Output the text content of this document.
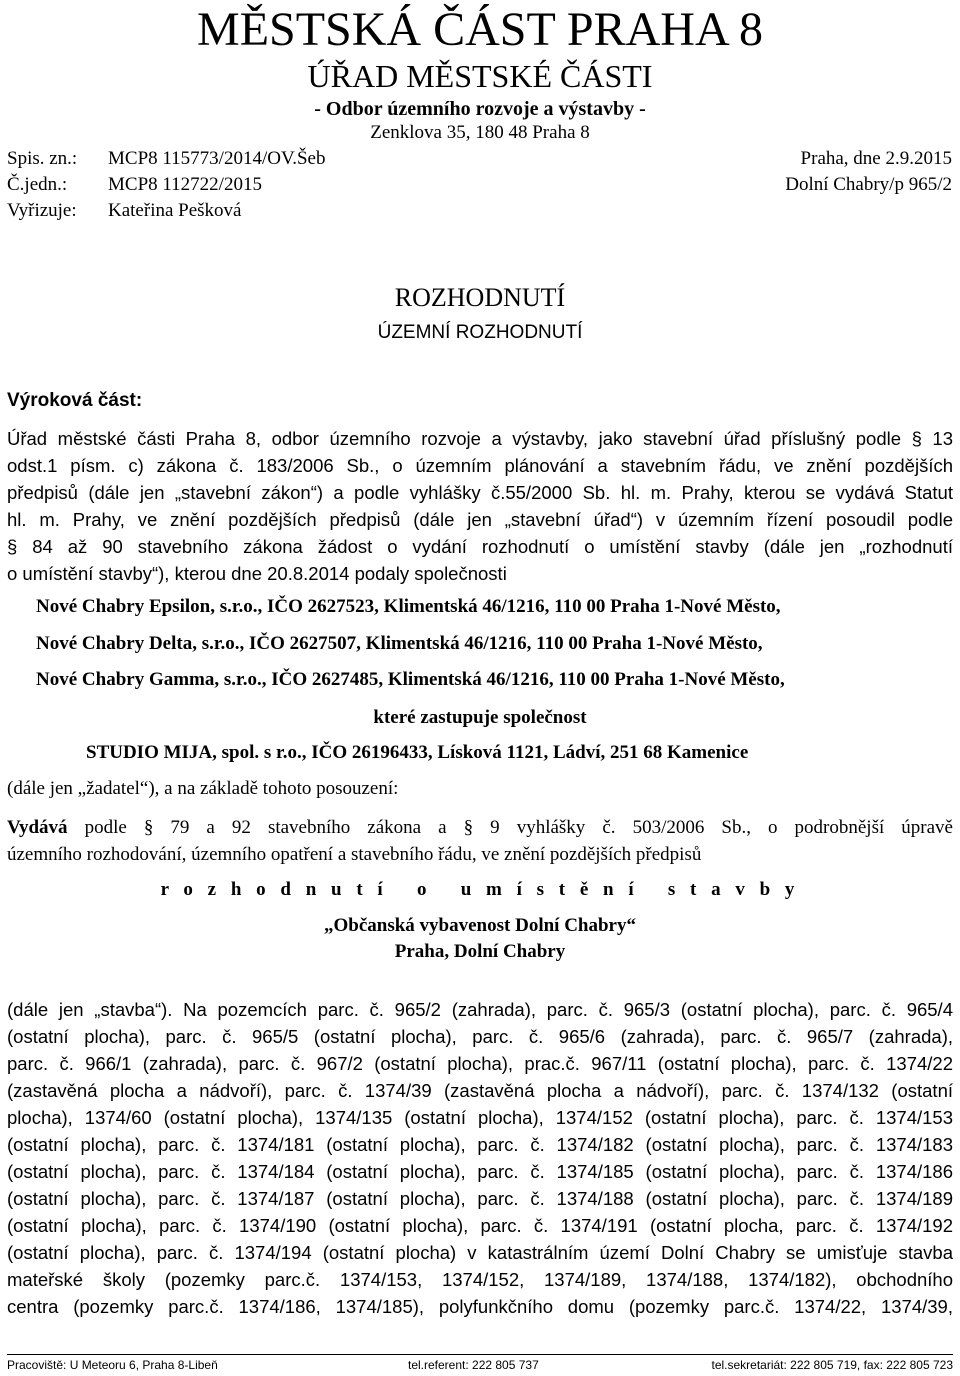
MĚSTSKÁ ČÁST PRAHA 8
ÚŘAD MĚSTSKÉ ČÁSTI
- Odbor územního rozvoje a výstavby -
Zenklova 35, 180 48 Praha 8
Spis. zn.: MCP8 115773/2014/OV.Šeb	Praha, dne 2.9.2015
Č.jedn.: MCP8 112722/2015	Dolní Chabry/p 965/2
Vyřizuje: Kateřina Pešková
ROZHODNUTÍ
ÚZEMNÍ ROZHODNUTÍ
Výroková část:
Úřad městské části Praha 8, odbor územního rozvoje a výstavby, jako stavební úřad příslušný podle § 13
odst.1 písm. c) zákona č. 183/2006 Sb., o územním plánování a stavebním řádu, ve znění pozdějších
předpisů (dále jen „stavební zákon“) a podle vyhlášky č.55/2000 Sb. hl. m. Prahy, kterou se vydává Statut
hl. m. Prahy, ve znění pozdějších předpisů (dále jen „stavební úřad“) v územním řízení posoudil podle
§ 84 až 90 stavebního zákona žádost o vydání rozhodnutí o umístění stavby (dále jen „rozhodnutí
o umístění stavby“), kterou dne 20.8.2014 podaly společnosti
Nové Chabry Epsilon, s.r.o., IČO 2627523, Klimentská 46/1216, 110 00 Praha 1-Nové Město,
Nové Chabry Delta, s.r.o., IČO 2627507, Klimentská 46/1216, 110 00 Praha 1-Nové Město,
Nové Chabry Gamma, s.r.o., IČO 2627485, Klimentská 46/1216, 110 00 Praha 1-Nové Město,
které zastupuje společnost
STUDIO MIJA, spol. s r.o., IČO 26196433, Lísková 1121, Ládví, 251 68 Kamenice
(dále jen „žadatel“), a na základě tohoto posouzení:
Vydává podle § 79 a 92 stavebního zákona a § 9 vyhlášky č. 503/2006 Sb., o podrobnější úpravě
územního rozhodování, územního opatření a stavebního řádu, ve znění pozdějších předpisů
r o z h o d n u t í   o   u m í s t ě n í   s t a v b y
„Občanská vybavenost Dolní Chabry“
Praha, Dolní Chabry
(dále jen „stavba“). Na pozemcích parc. č. 965/2 (zahrada), parc. č. 965/3 (ostatní plocha), parc. č. 965/4
(ostatní plocha), parc. č. 965/5 (ostatní plocha), parc. č. 965/6 (zahrada), parc. č. 965/7 (zahrada),
parc. č. 966/1 (zahrada), parc. č. 967/2 (ostatní plocha), prac.č. 967/11 (ostatní plocha), parc. č. 1374/22
(zastavěná plocha a nádvoří), parc. č. 1374/39 (zastavěná plocha a nádvoří), parc. č. 1374/132 (ostatní
plocha), 1374/60 (ostatní plocha), 1374/135 (ostatní plocha), 1374/152 (ostatní plocha), parc. č. 1374/153
(ostatní plocha), parc. č. 1374/181 (ostatní plocha), parc. č. 1374/182 (ostatní plocha), parc. č. 1374/183
(ostatní plocha), parc. č. 1374/184 (ostatní plocha), parc. č. 1374/185 (ostatní plocha), parc. č. 1374/186
(ostatní plocha), parc. č. 1374/187 (ostatní plocha), parc. č. 1374/188 (ostatní plocha), parc. č. 1374/189
(ostatní plocha), parc. č. 1374/190 (ostatní plocha), parc. č. 1374/191 (ostatní plocha, parc. č. 1374/192
(ostatní plocha), parc. č. 1374/194 (ostatní plocha) v katastrálním území Dolní Chabry se umisťuje stavba
mateřské školy (pozemky parc.č. 1374/153, 1374/152, 1374/189, 1374/188, 1374/182), obchodního
centra (pozemky parc.č. 1374/186, 1374/185), polyfunkčního domu (pozemky parc.č. 1374/22, 1374/39,
Pracoviště: U Meteoru 6, Praha 8-Libeň	tel.referent: 222 805 737	tel.sekretariát: 222 805 719, fax: 222 805 723
